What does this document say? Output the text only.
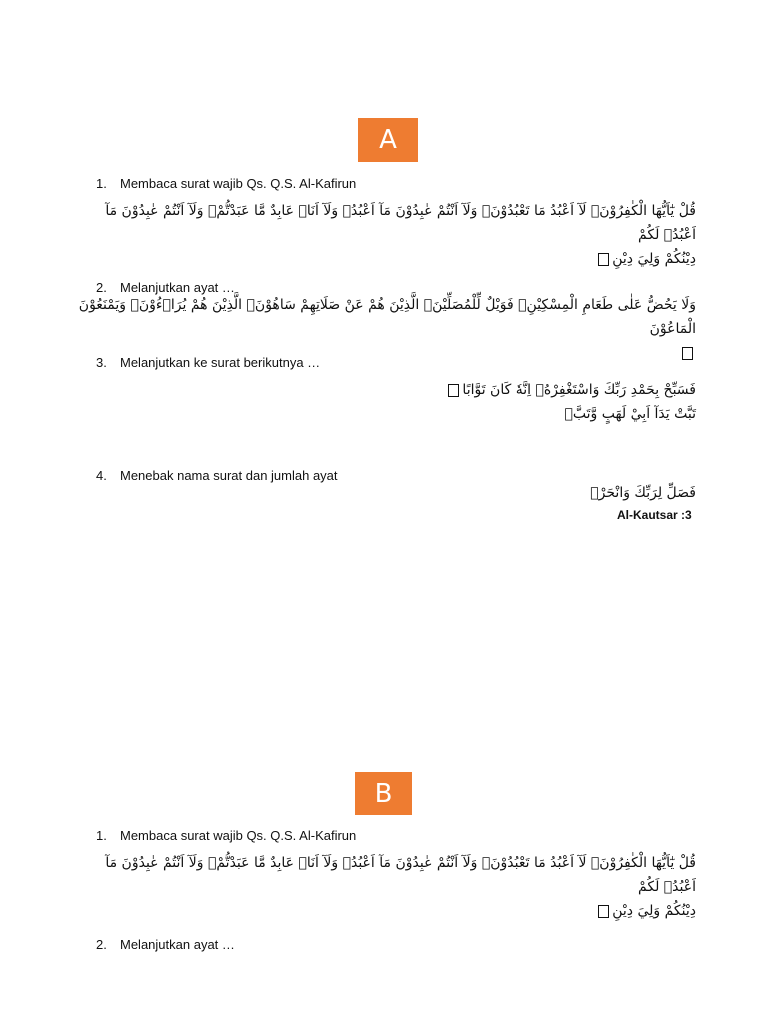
A
1. Membaca surat wajib Qs. Q.S. Al-Kafirun
قُلْ يٰٓاَيُّهَا الْكٰفِرُوْنَۙ لَآ اَعْبُدُ مَا تَعْبُدُوْنَۙ وَلَآ اَنْتُمْ عٰبِدُوْنَ مَآ اَعْبُدُۚ وَلَآ اَنَا۠ عَابِدٌ مَّا عَبَدْتُّمْۙ وَلَآ اَنْتُمْ عٰبِدُوْنَ مَآ اَعْبُدُۗ لَكُمْ
دِيْنُكُمْ وَلِيَ دِيْنِ
2. Melanjutkan ayat …
وَلَا يَحُضُّ عَلٰى طَعَامِ الْمِسْكِيْنِۗ فَوَيْلٌ لِّلْمُصَلِّيْنَۙ الَّذِيْنَ هُمْ عَنْ صَلَاتِهِمْ سَاهُوْنَۙ الَّذِيْنَ هُمْ يُرَاۤءُوْنَۙ وَيَمْنَعُوْنَ الْمَاعُوْنَ
3. Melanjutkan ke surat berikutnya …
فَسَبِّحْ بِحَمْدِ رَبِّكَ وَاسْتَغْفِرْهُۗ اِنَّهٗ كَانَ تَوَّابًا
تَبَّتْ يَدَآ اَبِيْ لَهَبٍ وَّتَبَّۗ
4. Menebak nama surat dan jumlah ayat
فَصَلِّ لِرَبِّكَ وَانْحَرْۗ
Al-Kautsar :3
B
1. Membaca surat wajib Qs. Q.S. Al-Kafirun
قُلْ يٰٓاَيُّهَا الْكٰفِرُوْنَۙ لَآ اَعْبُدُ مَا تَعْبُدُوْنَۙ وَلَآ اَنْتُمْ عٰبِدُوْنَ مَآ اَعْبُدُۚ وَلَآ اَنَا۠ عَابِدٌ مَّا عَبَدْتُّمْۙ وَلَآ اَنْتُمْ عٰبِدُوْنَ مَآ اَعْبُدُۗ لَكُمْ
دِيْنُكُمْ وَلِيَ دِيْنِ
2. Melanjutkan ayat …
